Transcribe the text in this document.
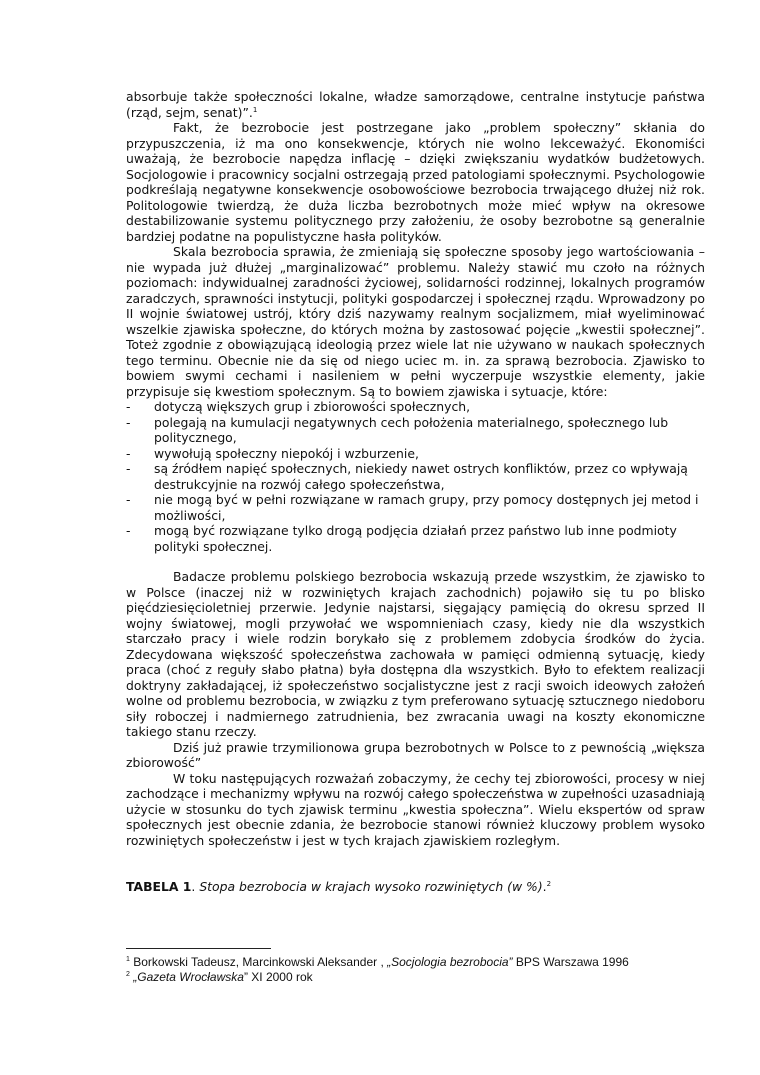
absorbuje także społeczności lokalne, władze samorządowe, centralne instytucje państwa (rząd, sejm, senat)”.$^1$

Fakt, że bezrobocie jest postrzegane jako „problem społeczny” skłania do przypuszczenia, iż ma ono konsekwencje, których nie wolno lekceważyć. Ekonomiści uważają, że bezrobocie napędza inflację – dzięki zwiększaniu wydatków budżetowych. Socjologowie i pracownicy socjalni ostrzegają przed patologiami społecznymi. Psychologowie podkreślają negatywne konsekwencje osobowościowe bezrobocia trwającego dłużej niż rok. Politologowie twierdzą, że duża liczba bezrobotnych może mieć wpływ na okresowe destabilizowanie systemu politycznego przy założeniu, że osoby bezrobotne są generalnie bardziej podatne na populistyczne hasła polityków.

Skala bezrobocia sprawia, że zmieniają się społeczne sposoby jego wartościowania – nie wypada już dłużej „marginalizować” problemu. Należy stawić mu czoło na różnych poziomach: indywidualnej zaradności życiowej, solidarności rodzinnej, lokalnych programów zaradczych, sprawności instytucji, polityki gospodarczej i społecznej rządu. Wprowadzony po II wojnie światowej ustrój, który dziś nazywamy realnym socjalizmem, miał wyeliminować wszelkie zjawiska społeczne, do których można by zastosować pojęcie „kwestii społecznej”. Toteż zgodnie z obowiązującą ideologią przez wiele lat nie używano w naukach społecznych tego terminu. Obecnie nie da się od niego uciec m. in. za sprawą bezrobocia. Zjawisko to bowiem swymi cechami i nasileniem w pełni wyczerpuje wszystkie elementy, jakie przypisuje się kwestiom społecznym. Są to bowiem zjawiska i sytuacje, które:

- dotyczą większych grup i zbiorowości społecznych,
- polegają na kumulacji negatywnych cech położenia materialnego, społecznego lub politycznego,
- wywołują społeczny niepokój i wzburzenie,
- są źródłem napięć społecznych, niekiedy nawet ostrych konfliktów, przez co wpływają destrukcyjnie na rozwój całego społeczeństwa,
- nie mogą być w pełni rozwiązane w ramach grupy, przy pomocy dostępnych jej metod i możliwości,
- mogą być rozwiązane tylko drogą podjęcia działań przez państwo lub inne podmioty polityki społecznej.

Badacze problemu polskiego bezrobocia wskazują przede wszystkim, że zjawisko to w Polsce (inaczej niż w rozwiniętych krajach zachodnich) pojawiło się tu po blisko pięćdziesięcioletniej przerwie. Jedynie najstarsi, sięgający pamięcią do okresu sprzed II wojny światowej, mogli przywołać we wspomnieniach czasy, kiedy nie dla wszystkich starczało pracy i wiele rodzin borykało się z problemem zdobycia środków do życia. Zdecydowana większość społeczeństwa zachowała w pamięci odmienną sytuację, kiedy praca (choć z reguły słabo płatna) była dostępna dla wszystkich. Było to efektem realizacji doktryny zakładającej, iż społeczeństwo socjalistyczne jest z racji swoich ideowych założeń wolne od problemu bezrobocia, w związku z tym preferowano sytuację sztucznego niedoboru siły roboczej i nadmiernego zatrudnienia, bez zwracania uwagi na koszty ekonomiczne takiego stanu rzeczy.

Dziś już prawie trzymilionowa grupa bezrobotnych w Polsce to z pewnością „większa zbiorowość”

W toku następujących rozważań zobaczymy, że cechy tej zbiorowości, procesy w niej zachodzące i mechanizmy wpływu na rozwój całego społeczeństwa w zupełności uzasadniają użycie w stosunku do tych zjawisk terminu „kwestia społeczna”. Wielu ekspertów od spraw społecznych jest obecnie zdania, że bezrobocie stanowi również kluczowy problem wysoko rozwiniętych społeczeństw i jest w tych krajach zjawiskiem rozległym.

TABELA 1. Stopa bezrobocia w krajach wysoko rozwiniętych (w %).$^2$
$^1$ Borkowski Tadeusz, Marcinkowski Aleksander , „Socjologia bezrobocia” BPS Warszawa 1996
$^2$ „Gazeta Wrocławska” XI 2000 rok
